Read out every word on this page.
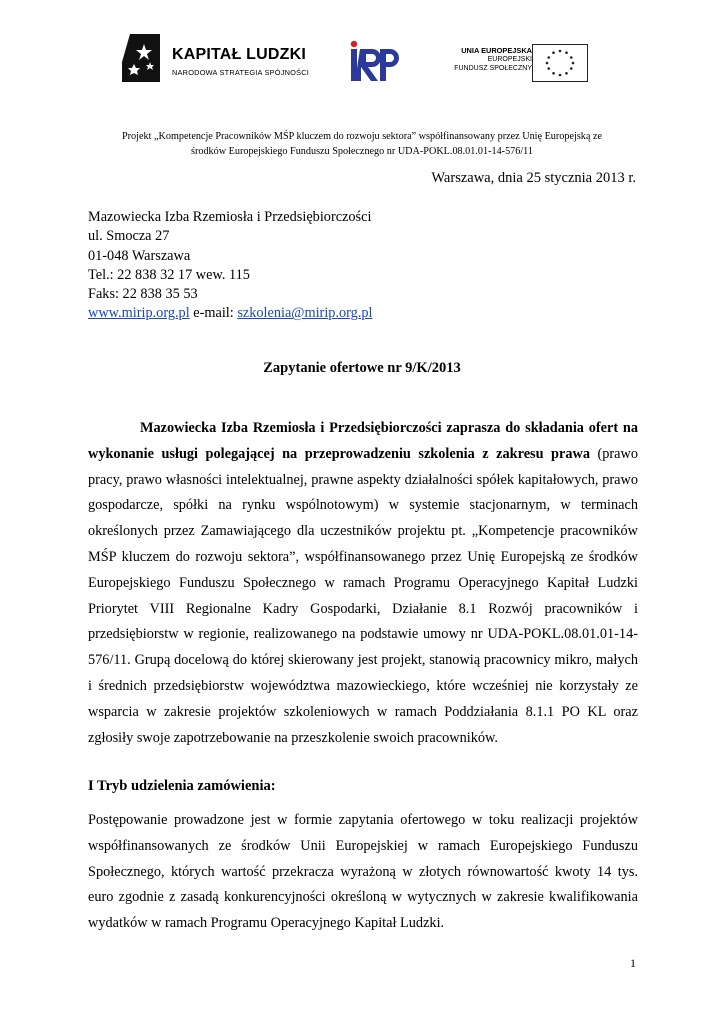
KAPITAŁ LUDZKI
NARODOWA STRATEGIA SPÓJNOŚCI
UNIA EUROPEJSKA
EUROPEJSKI
FUNDUSZ SPOŁECZNY
Projekt „Kompetencje Pracowników MŚP kluczem do rozwoju sektora” współfinansowany przez Unię Europejską ze
środków Europejskiego Funduszu Społecznego nr UDA-POKL.08.01.01-14-576/11
Warszawa, dnia 25 stycznia 2013 r.
Mazowiecka Izba Rzemiosła i Przedsiębiorczości
ul. Smocza 27
01-048 Warszawa
Tel.: 22 838 32 17 wew. 115
Faks: 22 838 35 53
www.mirip.org.pl e-mail: szkolenia@mirip.org.pl
Zapytanie ofertowe nr 9/K/2013
Mazowiecka Izba Rzemiosła i Przedsiębiorczości zaprasza do składania ofert na wykonanie usługi polegającej na przeprowadzeniu szkolenia z zakresu prawa (prawo pracy, prawo własności intelektualnej, prawne aspekty działalności spółek kapitałowych, prawo gospodarcze, spółki na rynku wspólnotowym) w systemie stacjonarnym, w terminach określonych przez Zamawiającego dla uczestników projektu pt. „Kompetencje pracowników MŚP kluczem do rozwoju sektora”, współfinansowanego przez Unię Europejską ze środków Europejskiego Funduszu Społecznego w ramach Programu Operacyjnego Kapitał Ludzki Priorytet VIII Regionalne Kadry Gospodarki, Działanie 8.1 Rozwój pracowników i przedsiębiorstw w regionie, realizowanego na podstawie umowy nr UDA-POKL.08.01.01-14-576/11. Grupą docelową do której skierowany jest projekt, stanowią pracownicy mikro, małych i średnich przedsiębiorstw województwa mazowieckiego, które wcześniej nie korzystały ze wsparcia w zakresie projektów szkoleniowych w ramach Poddziałania 8.1.1 PO KL oraz zgłosiły swoje zapotrzebowanie na przeszkolenie swoich pracowników.
I Tryb udzielenia zamówienia:
Postępowanie prowadzone jest w formie zapytania ofertowego w toku realizacji projektów współfinansowanych ze środków Unii Europejskiej w ramach Europejskiego Funduszu Społecznego, których wartość przekracza wyrażoną w złotych równowartość kwoty 14 tys. euro zgodnie z zasadą konkurencyjności określoną w wytycznych w zakresie kwalifikowania wydatków w ramach Programu Operacyjnego Kapitał Ludzki.
1
